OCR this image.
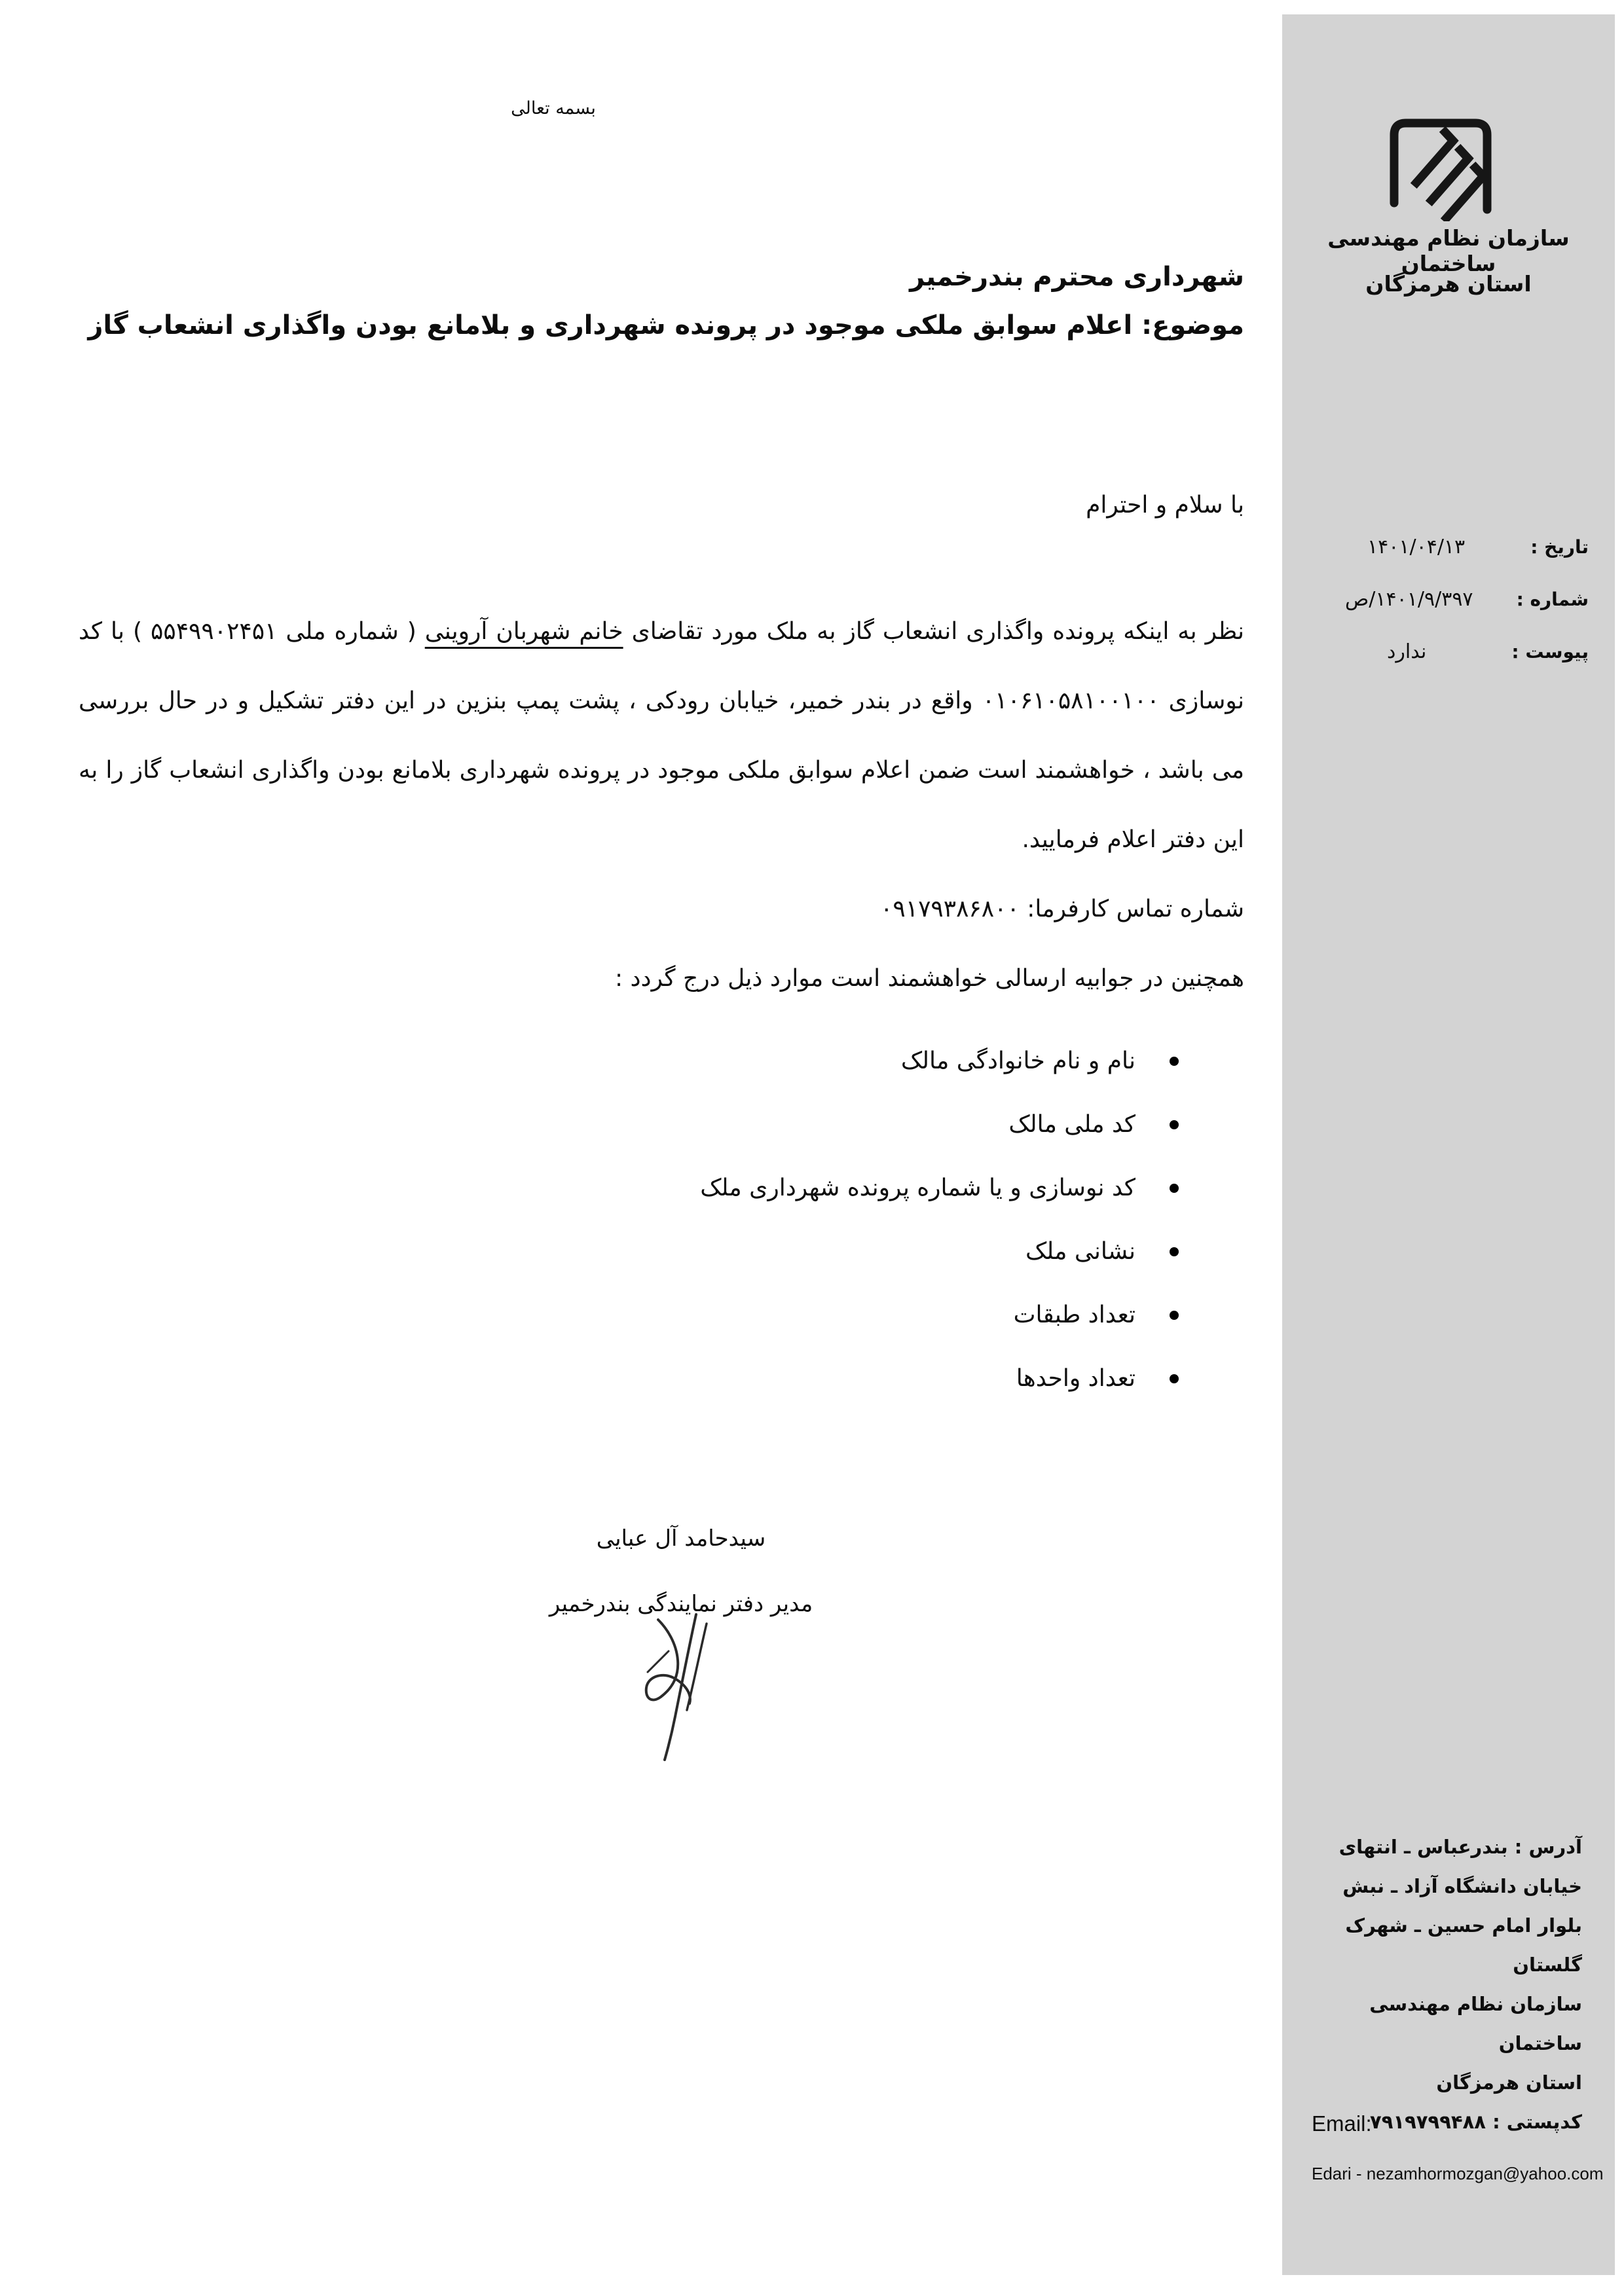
بسمه تعالی
شهرداری محترم بندرخمیر
موضوع: اعلام سوابق ملکی موجود در پرونده شهرداری و بلامانع بودن واگذاری انشعاب گاز
با سلام و احترام

نظر به اینکه پرونده واگذاری انشعاب گاز به ملک مورد تقاضای خانم شهربان آروینی ( شماره ملی ۵۵۴۹۹۰۲۴۵۱ ) با کد نوسازی ۰۱۰۶۱۰۵۸۱۰۰۱۰۰ واقع در بندر خمیر، خیابان رودکی ، پشت پمپ بنزین در این دفتر تشکیل و در حال بررسی می باشد ، خواهشمند است ضمن اعلام سوابق ملکی موجود در پرونده شهرداری بلامانع بودن واگذاری انشعاب گاز را به این دفتر اعلام فرمایید.

شماره تماس کارفرما: ۰۹۱۷۹۳۸۶۸۰۰
همچنین در جوابیه ارسالی خواهشمند است موارد ذیل درج گردد :
نام و نام خانوادگی مالک
کد ملی مالک
کد نوسازی و یا شماره پرونده شهرداری ملک
نشانی ملک
تعداد طبقات
تعداد واحدها
سیدحامد آل عبایی
مدیر دفتر نمایندگی بندرخمیر
سازمان نظام مهندسی ساختمان
استان هرمزگان
تاریخ :
۱۴۰۱/۰۴/۱۳
شماره :
۱۴۰۱/۹/۳۹۷/ص
پیوست :
ندارد
آدرس : بندرعباس ـ انتهای
خیابان دانشگاه آزاد ـ نبش
بلوار امام حسین ـ شهرک
گلستان
سازمان نظام مهندسی ساختمان
استان هرمزگان
کدپستی : ۷۹۱۹۷۹۹۴۸۸
Email:
Edari - nezamhormozgan@yahoo.com
